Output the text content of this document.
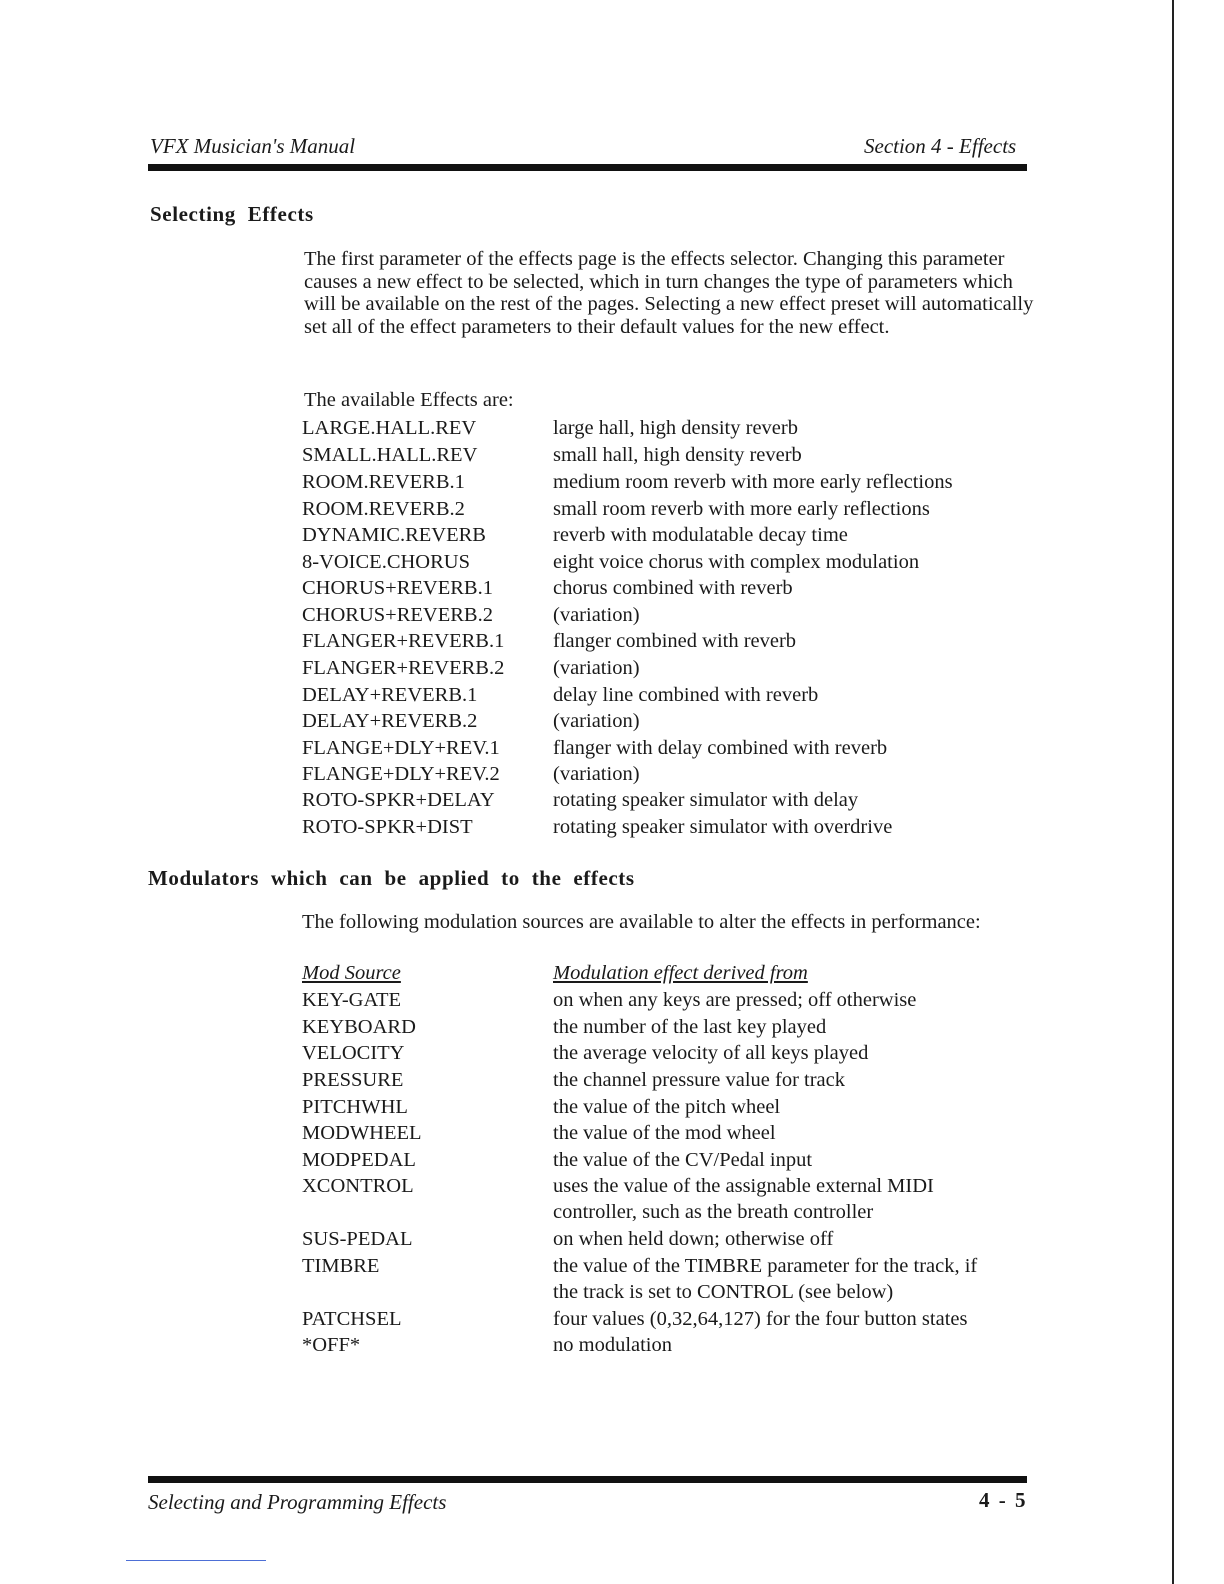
VFX Musician's Manual	Section 4 - Effects
Selecting Effects
The first parameter of the effects page is the effects selector. Changing this parameter causes a new effect to be selected, which in turn changes the type of parameters which will be available on the rest of the pages. Selecting a new effect preset will automatically set all of the effect parameters to their default values for the new effect.
The available Effects are:
LARGE.HALL.REV	large hall, high density reverb
SMALL.HALL.REV	small hall, high density reverb
ROOM.REVERB.1	medium room reverb with more early reflections
ROOM.REVERB.2	small room reverb with more early reflections
DYNAMIC.REVERB	reverb with modulatable decay time
8-VOICE.CHORUS	eight voice chorus with complex modulation
CHORUS+REVERB.1	chorus combined with reverb
CHORUS+REVERB.2	(variation)
FLANGER+REVERB.1 flanger combined with reverb
FLANGER+REVERB.2 (variation)
DELAY+REVERB.1	delay line combined with reverb
DELAY+REVERB.2	(variation)
FLANGE+DLY+REV.1	flanger with delay combined with reverb
FLANGE+DLY+REV.2	(variation)
ROTO-SPKR+DELAY	rotating speaker simulator with delay
ROTO-SPKR+DIST	rotating speaker simulator with overdrive
Modulators which can be applied to the effects
The following modulation sources are available to alter the effects in performance:
Mod Source	Modulation effect derived from
KEY-GATE	on when any keys are pressed; off otherwise
KEYBOARD	the number of the last key played
VELOCITY	the average velocity of all keys played
PRESSURE	the channel pressure value for track
PITCHWHL	the value of the pitch wheel
MODWHEEL	the value of the mod wheel
MODPEDAL	the value of the CV/Pedal input
XCONTROL	uses the value of the assignable external MIDI
controller, such as the breath controller
SUS-PEDAL	on when held down; otherwise off
TIMBRE	the value of the TIMBRE parameter for the track, if
the track is set to CONTROL (see below)
PATCHSEL	four values (0,32,64,127) for the four button states
*OFF*	no modulation
Selecting and Programming Effects	4 - 5
